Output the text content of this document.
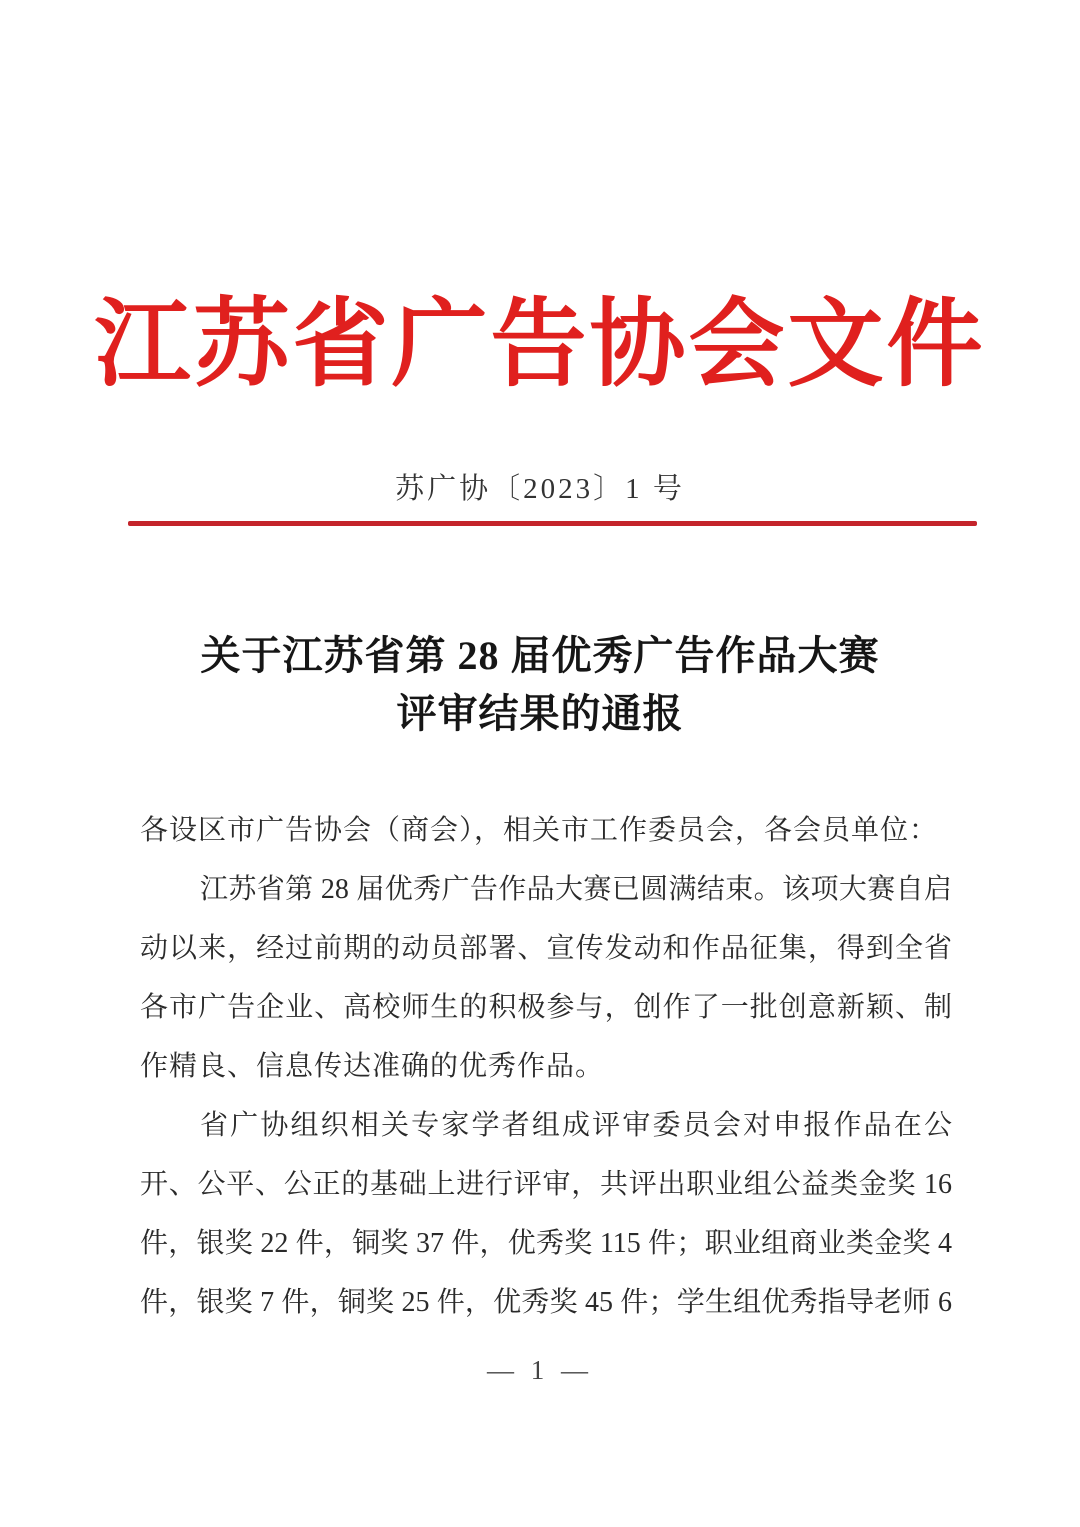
江苏省广告协会文件
苏广协〔2023〕1 号
关于江苏省第 28 届优秀广告作品大赛
评审结果的通报
各设区市广告协会（商会），相关市工作委员会，各会员单位：
江苏省第 28 届优秀广告作品大赛已圆满结束。该项大赛自启
动以来，经过前期的动员部署、宣传发动和作品征集，得到全省
各市广告企业、高校师生的积极参与，创作了一批创意新颖、制
作精良、信息传达准确的优秀作品。
省广协组织相关专家学者组成评审委员会对申报作品在公
开、公平、公正的基础上进行评审，共评出职业组公益类金奖 16
件，银奖 22 件，铜奖 37 件，优秀奖 115 件；职业组商业类金奖 4
件，银奖 7 件，铜奖 25 件，优秀奖 45 件；学生组优秀指导老师 6
— 1 —
